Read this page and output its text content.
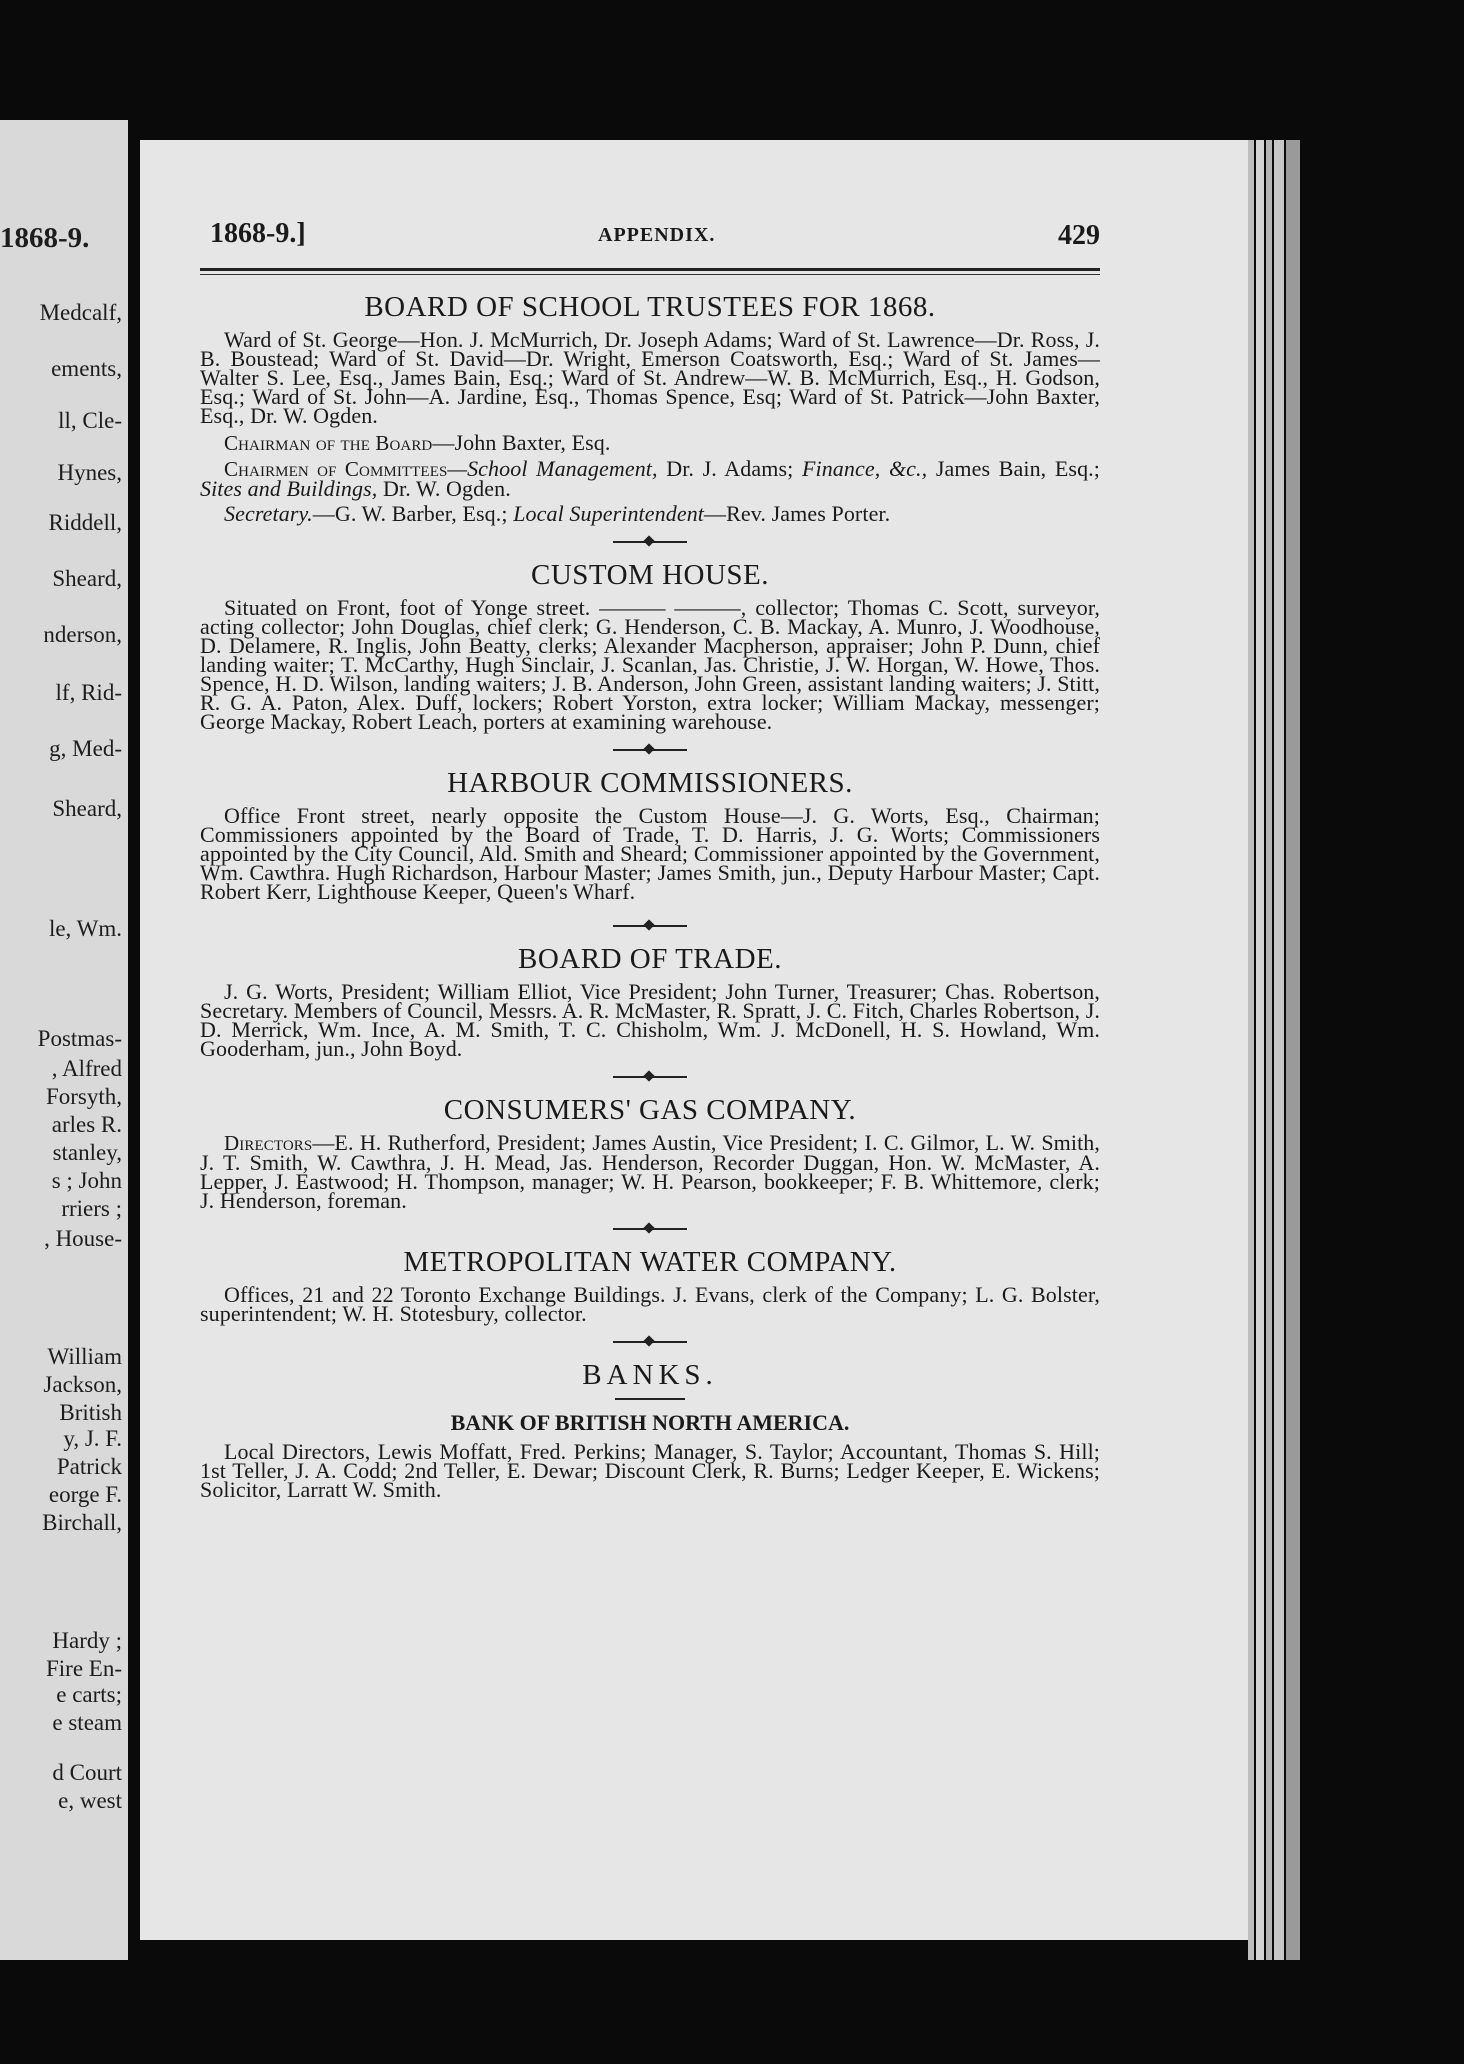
1868-9.
Medcalf,
ements,
ll, Cle-
Hynes,
Riddell,
Sheard,
nderson,
lf, Rid-
g, Med-
Sheard,
le, Wm.
Postmas-
, Alfred
Forsyth,
arles R.
stanley,
s ; John
rriers ;
, House-
William
Jackson,
British
y, J. F.
Patrick
eorge F.
Birchall,
Hardy ;
Fire En-
e carts;
e steam
d Court
e, west
1868-9.]	APPENDIX.	429
BOARD OF SCHOOL TRUSTEES FOR 1868.

Ward of St. George—Hon. J. McMurrich, Dr. Joseph Adams; Ward of St. Lawrence—Dr. Ross, J. B. Boustead; Ward of St. David—Dr. Wright, Emerson Coatsworth, Esq.; Ward of St. James—Walter S. Lee, Esq., James Bain, Esq.; Ward of St. Andrew—W. B. McMurrich, Esq., H. Godson, Esq.; Ward of St. John—A. Jardine, Esq., Thomas Spence, Esq; Ward of St. Patrick—John Baxter, Esq., Dr. W. Ogden.

Chairman of the Board—John Baxter, Esq.

Chairmen of Committees—School Management, Dr. J. Adams; Finance, &c., James Bain, Esq.; Sites and Buildings, Dr. W. Ogden.

Secretary.—G. W. Barber, Esq.; Local Superintendent—Rev. James Porter.

CUSTOM HOUSE.

Situated on Front, foot of Yonge street. ——— ———, collector; Thomas C. Scott, surveyor, acting collector; John Douglas, chief clerk; G. Henderson, C. B. Mackay, A. Munro, J. Woodhouse, D. Delamere, R. Inglis, John Beatty, clerks; Alexander Macpherson, appraiser; John P. Dunn, chief landing waiter; T. McCarthy, Hugh Sinclair, J. Scanlan, Jas. Christie, J. W. Horgan, W. Howe, Thos. Spence, H. D. Wilson, landing waiters; J. B. Anderson, John Green, assistant landing waiters; J. Stitt, R. G. A. Paton, Alex. Duff, lockers; Robert Yorston, extra locker; William Mackay, messenger; George Mackay, Robert Leach, porters at examining warehouse.

HARBOUR COMMISSIONERS.

Office Front street, nearly opposite the Custom House—J. G. Worts, Esq., Chairman; Commissioners appointed by the Board of Trade, T. D. Harris, J. G. Worts; Commissioners appointed by the City Council, Ald. Smith and Sheard; Commissioner appointed by the Government, Wm. Cawthra. Hugh Richardson, Harbour Master; James Smith, jun., Deputy Harbour Master; Capt. Robert Kerr, Lighthouse Keeper, Queen's Wharf.

BOARD OF TRADE.

J. G. Worts, President; William Elliot, Vice President; John Turner, Treasurer; Chas. Robertson, Secretary. Members of Council, Messrs. A. R. McMaster, R. Spratt, J. C. Fitch, Charles Robertson, J. D. Merrick, Wm. Ince, A. M. Smith, T. C. Chisholm, Wm. J. McDonell, H. S. Howland, Wm. Gooderham, jun., John Boyd.

CONSUMERS' GAS COMPANY.

Directors—E. H. Rutherford, President; James Austin, Vice President; I. C. Gilmor, L. W. Smith, J. T. Smith, W. Cawthra, J. H. Mead, Jas. Henderson, Recorder Duggan, Hon. W. McMaster, A. Lepper, J. Eastwood; H. Thompson, manager; W. H. Pearson, bookkeeper; F. B. Whittemore, clerk; J. Henderson, foreman.

METROPOLITAN WATER COMPANY.

Offices, 21 and 22 Toronto Exchange Buildings. J. Evans, clerk of the Company; L. G. Bolster, superintendent; W. H. Stotesbury, collector.

BANKS.
BANK OF BRITISH NORTH AMERICA.

Local Directors, Lewis Moffatt, Fred. Perkins; Manager, S. Taylor; Accountant, Thomas S. Hill; 1st Teller, J. A. Codd; 2nd Teller, E. Dewar; Discount Clerk, R. Burns; Ledger Keeper, E. Wickens; Solicitor, Larratt W. Smith.
